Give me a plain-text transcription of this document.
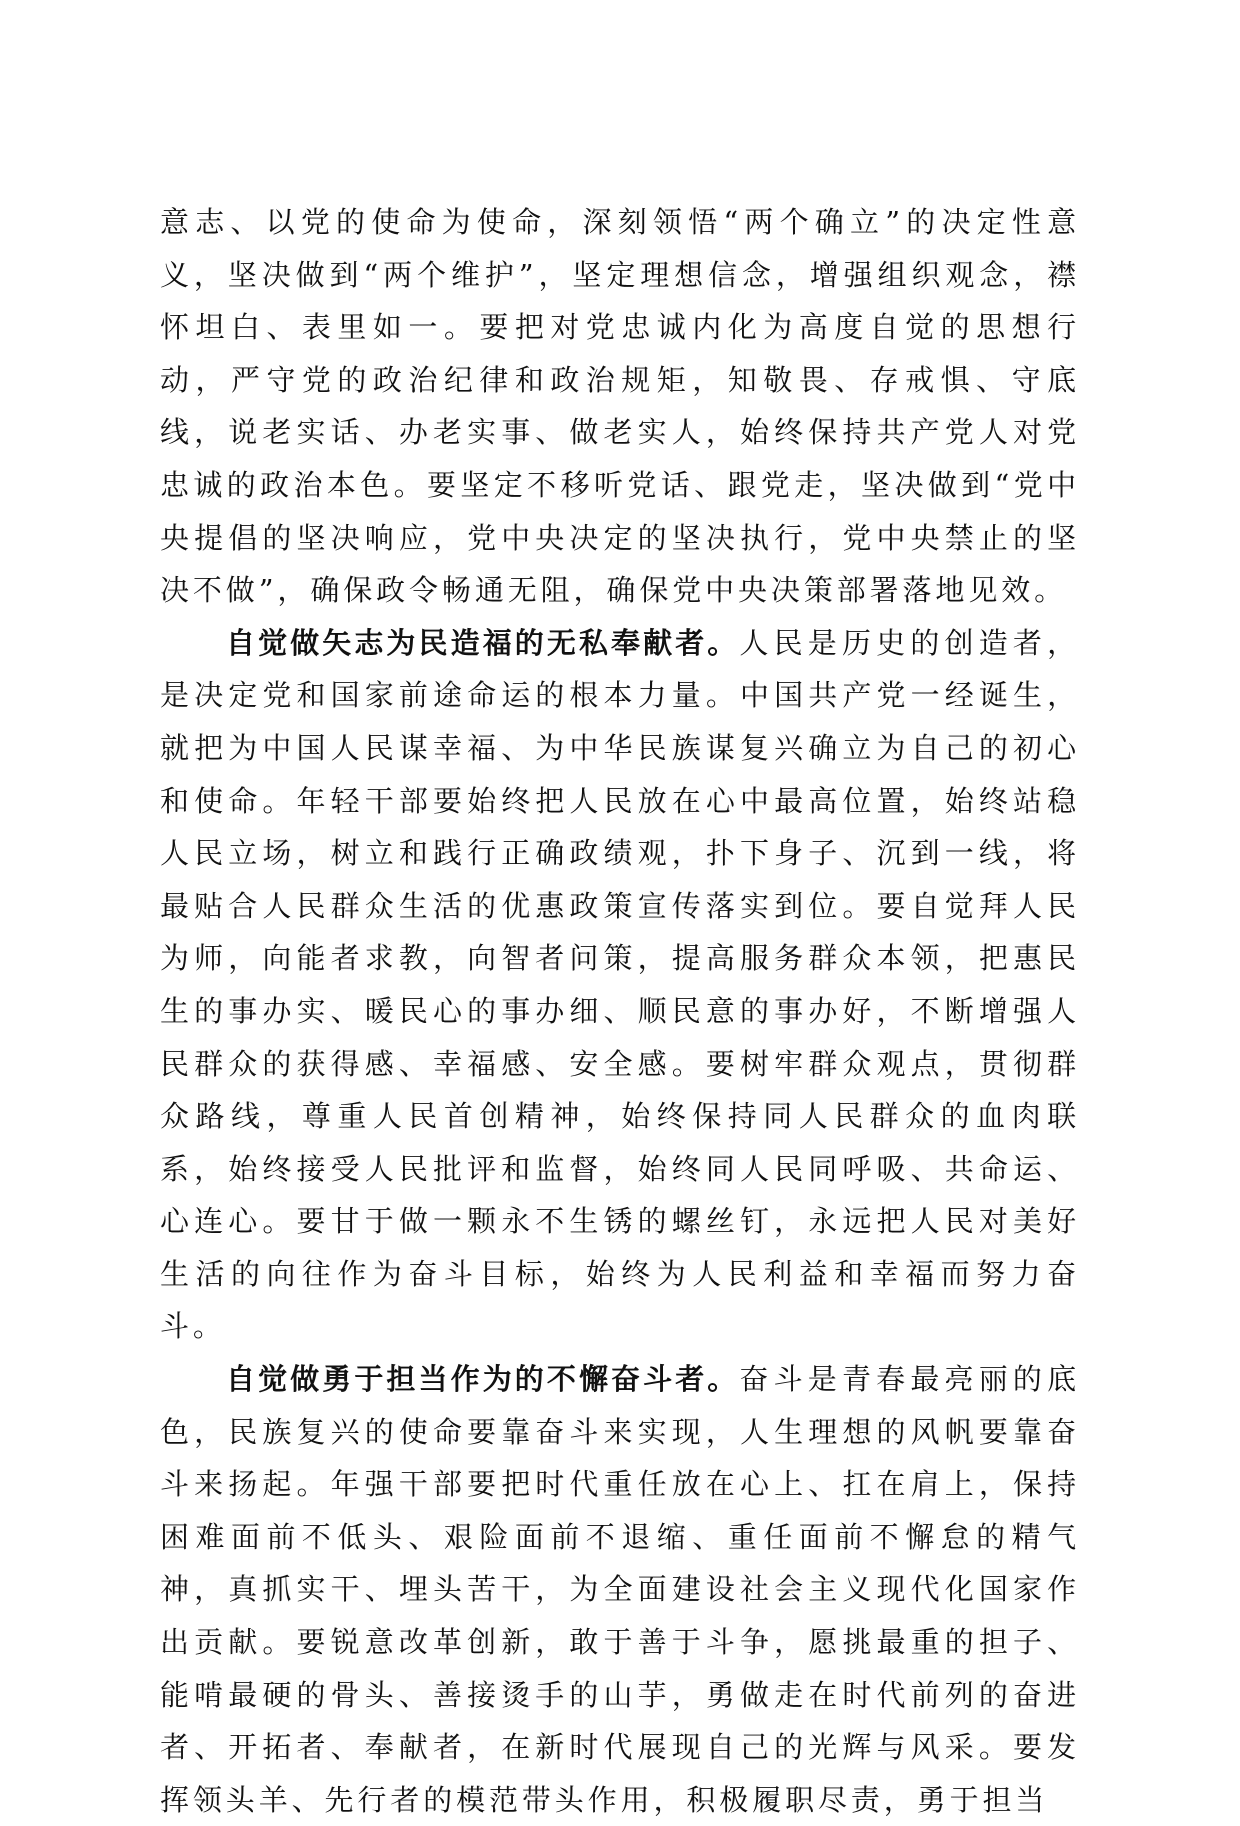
意志、以党的使命为使命，深刻领悟“两个确立”的决定性意义，坚决做到“两个维护”，坚定理想信念，增强组织观念，襟怀坦白、表里如一。要把对党忠诚内化为高度自觉的思想行动，严守党的政治纪律和政治规矩，知敬畏、存戒惧、守底线，说老实话、办老实事、做老实人，始终保持共产党人对党忠诚的政治本色。要坚定不移听党话、跟党走，坚决做到“党中央提倡的坚决响应，党中央决定的坚决执行，党中央禁止的坚决不做”，确保政令畅通无阻，确保党中央决策部署落地见效。

自觉做矢志为民造福的无私奉献者。人民是历史的创造者，是决定党和国家前途命运的根本力量。中国共产党一经诞生，就把为中国人民谋幸福、为中华民族谋复兴确立为自己的初心和使命。年轻干部要始终把人民放在心中最高位置，始终站稳人民立场，树立和践行正确政绩观，扑下身子、沉到一线，将最贴合人民群众生活的优惠政策宣传落实到位。要自觉拜人民为师，向能者求教，向智者问策，提高服务群众本领，把惠民生的事办实、暖民心的事办细、顺民意的事办好，不断增强人民群众的获得感、幸福感、安全感。要树牢群众观点，贯彻群众路线，尊重人民首创精神，始终保持同人民群众的血肉联系，始终接受人民批评和监督，始终同人民同呼吸、共命运、心连心。要甘于做一颗永不生锈的螺丝钉，永远把人民对美好生活的向往作为奋斗目标，始终为人民利益和幸福而努力奋斗。

自觉做勇于担当作为的不懈奋斗者。奋斗是青春最亮丽的底色，民族复兴的使命要靠奋斗来实现，人生理想的风帆要靠奋斗来扬起。年强干部要把时代重任放在心上、扛在肩上，保持困难面前不低头、艰险面前不退缩、重任面前不懈怠的精气神，真抓实干、埋头苦干，为全面建设社会主义现代化国家作出贡献。要锐意改革创新，敢于善于斗争，愿挑最重的担子、能啃最硬的骨头、善接烫手的山芋，勇做走在时代前列的奋进者、开拓者、奉献者，在新时代展现自己的光辉与风采。要发挥领头羊、先行者的模范带头作用，积极履职尽责，勇于担当
